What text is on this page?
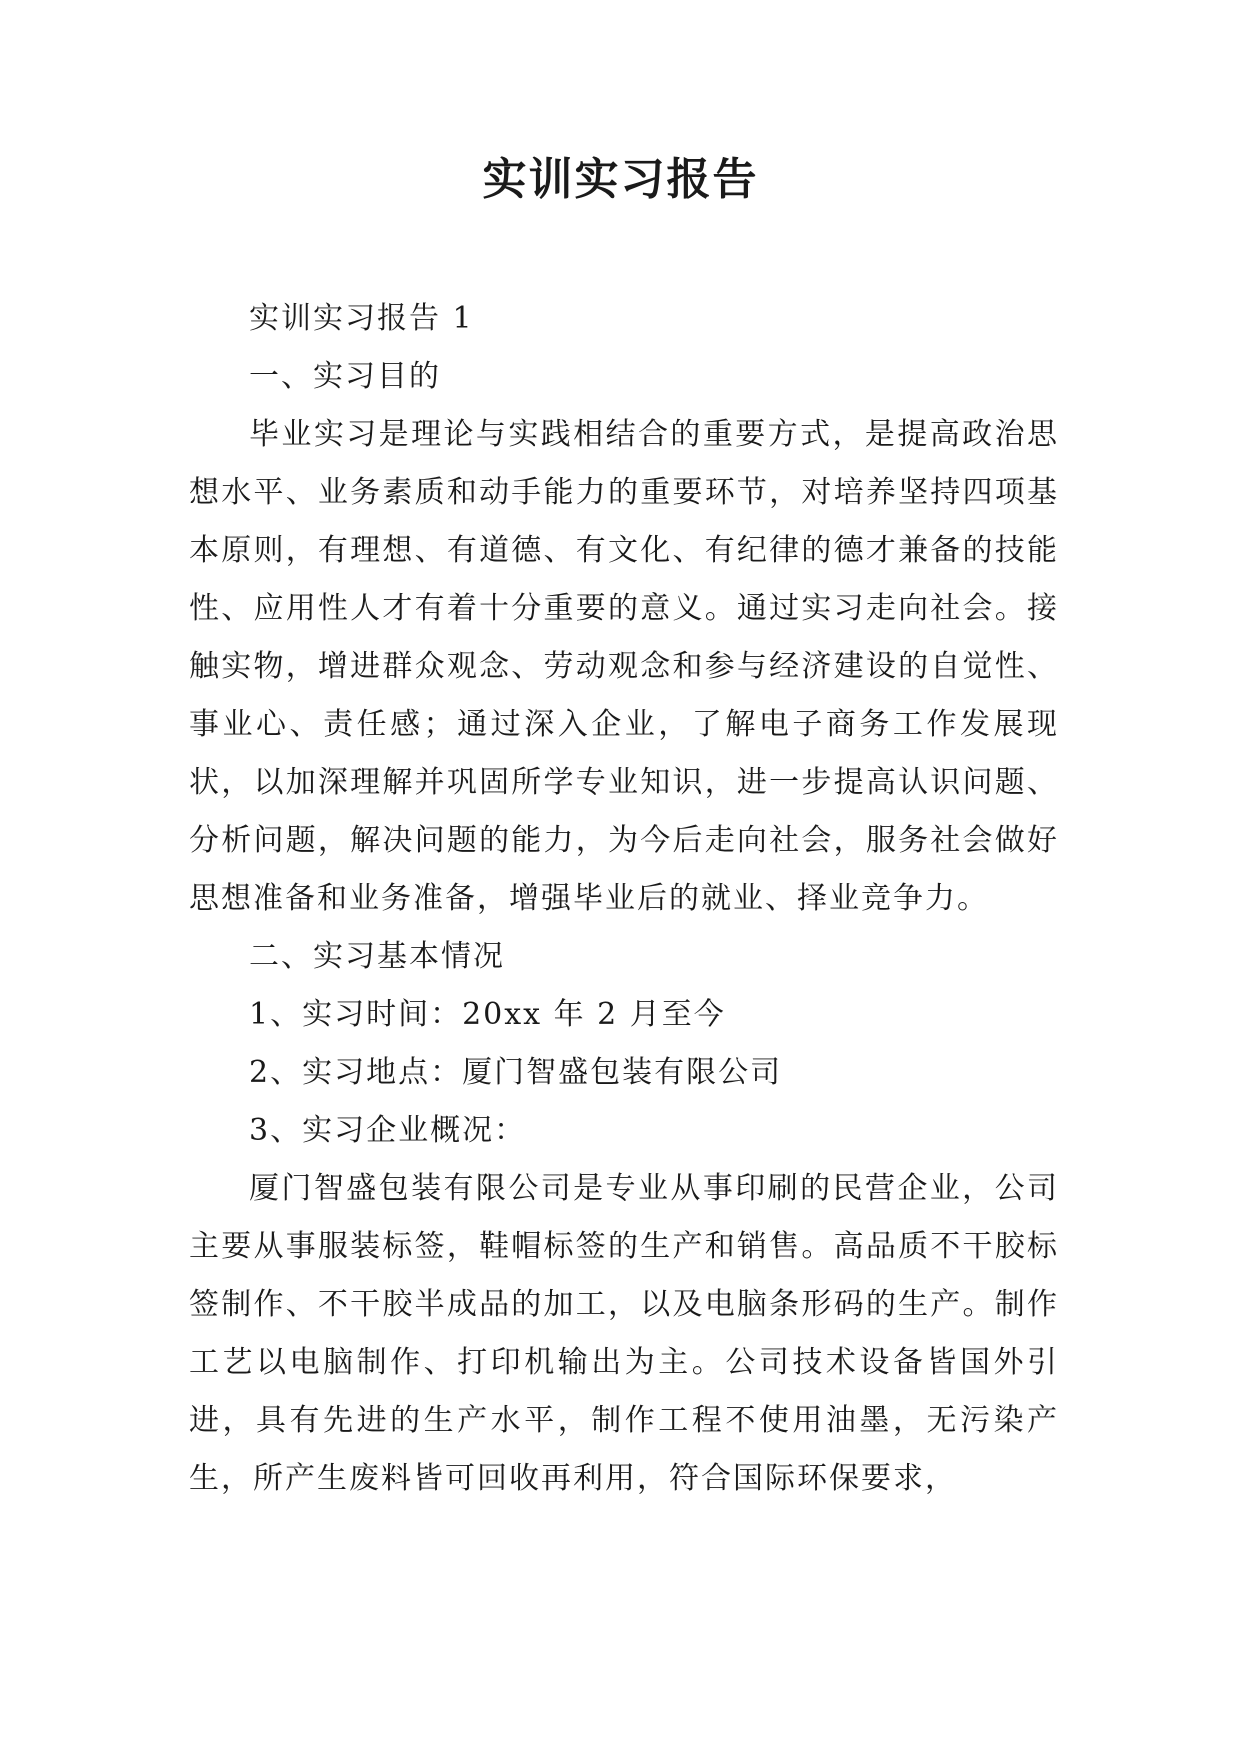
实训实习报告

实训实习报告 1

一、实习目的

毕业实习是理论与实践相结合的重要方式，是提高政治思想水平、业务素质和动手能力的重要环节，对培养坚持四项基本原则，有理想、有道德、有文化、有纪律的德才兼备的技能性、应用性人才有着十分重要的意义。通过实习走向社会。接触实物，增进群众观念、劳动观念和参与经济建设的自觉性、事业心、责任感；通过深入企业，了解电子商务工作发展现状，以加深理解并巩固所学专业知识，进一步提高认识问题、分析问题，解决问题的能力，为今后走向社会，服务社会做好思想准备和业务准备，增强毕业后的就业、择业竞争力。

二、实习基本情况

1、实习时间：20xx 年 2 月至今

2、实习地点：厦门智盛包装有限公司

3、实习企业概况：

厦门智盛包装有限公司是专业从事印刷的民营企业，公司主要从事服装标签，鞋帽标签的生产和销售。高品质不干胶标签制作、不干胶半成品的加工，以及电脑条形码的生产。制作工艺以电脑制作、打印机输出为主。公司技术设备皆国外引进，具有先进的生产水平，制作工程不使用油墨，无污染产生，所产生废料皆可回收再利用，符合国际环保要求，
